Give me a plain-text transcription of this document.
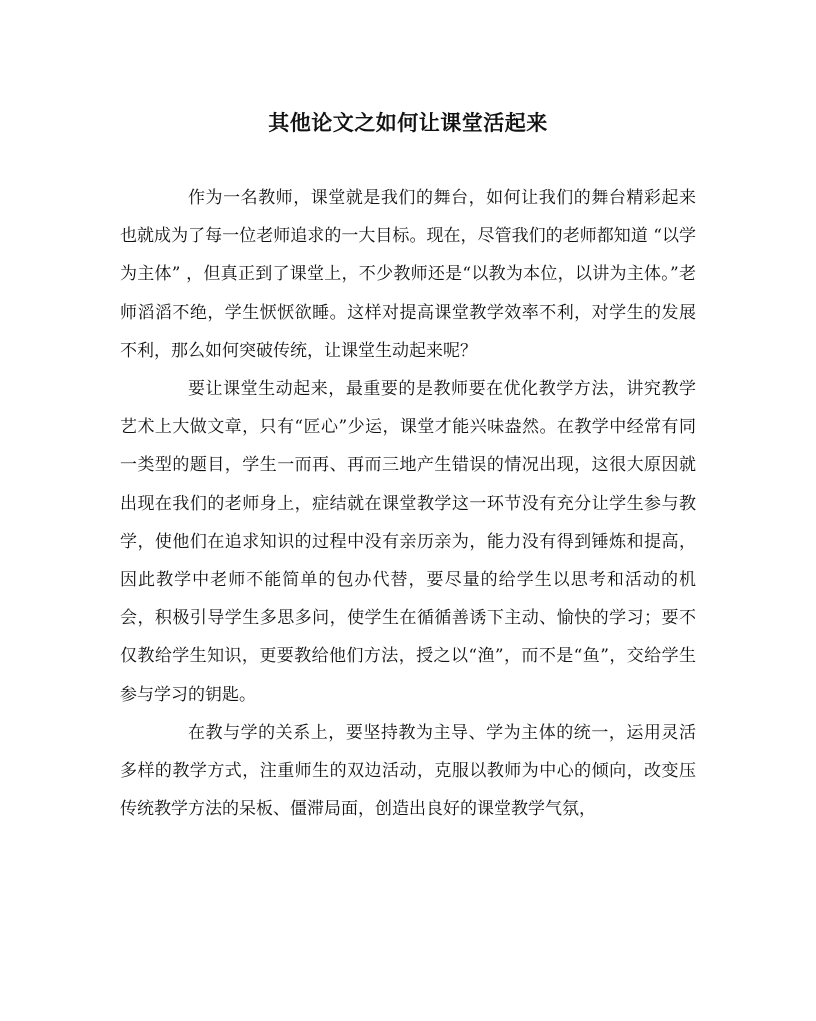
其他论文之如何让课堂活起来

作为一名教师，课堂就是我们的舞台，如何让我们的舞台精彩起来也就成为了每一位老师追求的一大目标。现在，尽管我们的老师都知道 “以学为主体” ，但真正到了课堂上，不少教师还是“以教为本位，以讲为主体。”老师滔滔不绝，学生恹恹欲睡。这样对提高课堂教学效率不利，对学生的发展不利，那么如何突破传统，让课堂生动起来呢？

要让课堂生动起来，最重要的是教师要在优化教学方法，讲究教学艺术上大做文章，只有“匠心”少运，课堂才能兴味盎然。在教学中经常有同一类型的题目，学生一而再、再而三地产生错误的情况出现，这很大原因就出现在我们的老师身上，症结就在课堂教学这一环节没有充分让学生参与教学，使他们在追求知识的过程中没有亲历亲为，能力没有得到锤炼和提高， 因此教学中老师不能简单的包办代替，要尽量的给学生以思考和活动的机会，积极引导学生多思多问，使学生在循循善诱下主动、愉快的学习；要不仅教给学生知识，更要教给他们方法，授之以“渔”，而不是“鱼”，交给学生参与学习的钥匙。

在教与学的关系上，要坚持教为主导、学为主体的统一，运用灵活多样的教学方式，注重师生的双边活动，克服以教师为中心的倾向，改变压传统教学方法的呆板、僵滞局面，创造出良好的课堂教学气氛，
